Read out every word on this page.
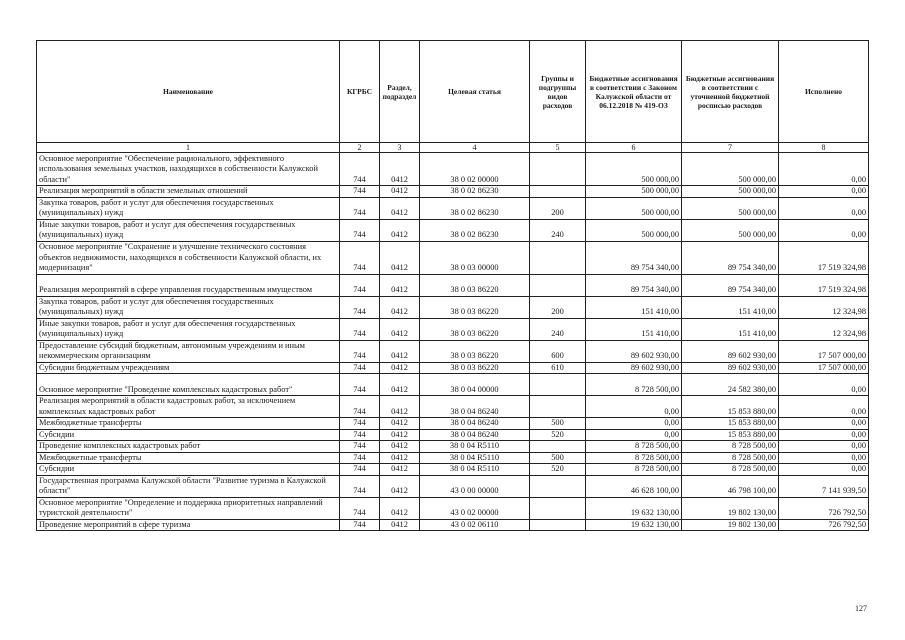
Наименование	КГРБС	Раздел, подраздел	Целевая статья	Группы и подгруппы видов расходов	Бюджетные ассигнования в соответствии с Законом Калужской области от 06.12.2018 № 419-ОЗ	Бюджетные ассигнования в соответствии с уточненной бюджетной росписью расходов	Исполнено
1	2	3	4	5	6	7	8
Основное мероприятие "Обеспечение рационального, эффективного использования земельных участков, находящихся в собственности Калужской области"	744	0412	38 0 02 00000		500 000,00	500 000,00	0,00
Реализация мероприятий в области земельных отношений	744	0412	38 0 02 86230		500 000,00	500 000,00	0,00
Закупка товаров, работ и услуг для обеспечения государственных (муниципальных) нужд	744	0412	38 0 02 86230	200	500 000,00	500 000,00	0,00
Иные закупки товаров, работ и услуг для обеспечения государственных (муниципальных) нужд	744	0412	38 0 02 86230	240	500 000,00	500 000,00	0,00
Основное мероприятие "Сохранение и улучшение технического состояния объектов недвижимости, находящихся в собственности Калужской области, их модернизация"	744	0412	38 0 03 00000		89 754 340,00	89 754 340,00	17 519 324,98
Реализация мероприятий в сфере управления государственным имуществом	744	0412	38 0 03 86220		89 754 340,00	89 754 340,00	17 519 324,98
Закупка товаров, работ и услуг для обеспечения государственных (муниципальных) нужд	744	0412	38 0 03 86220	200	151 410,00	151 410,00	12 324,98
Иные закупки товаров, работ и услуг для обеспечения государственных (муниципальных) нужд	744	0412	38 0 03 86220	240	151 410,00	151 410,00	12 324,98
Предоставление субсидий бюджетным, автономным учреждениям и иным некоммерческим организациям	744	0412	38 0 03 86220	600	89 602 930,00	89 602 930,00	17 507 000,00
Субсидии бюджетным учреждениям	744	0412	38 0 03 86220	610	89 602 930,00	89 602 930,00	17 507 000,00
Основное мероприятие "Проведение комплексных кадастровых работ"	744	0412	38 0 04 00000		8 728 500,00	24 582 380,00	0,00
Реализация мероприятий в области кадастровых работ, за исключением комплексных кадастровых работ	744	0412	38 0 04 86240		0,00	15 853 880,00	0,00
Межбюджетные трансферты	744	0412	38 0 04 86240	500	0,00	15 853 880,00	0,00
Субсидии	744	0412	38 0 04 86240	520	0,00	15 853 880,00	0,00
Проведение комплексных кадастровых работ	744	0412	38 0 04 R5110		8 728 500,00	8 728 500,00	0,00
Межбюджетные трансферты	744	0412	38 0 04 R5110	500	8 728 500,00	8 728 500,00	0,00
Субсидии	744	0412	38 0 04 R5110	520	8 728 500,00	8 728 500,00	0,00
Государственная программа Калужской области "Развитие туризма в Калужской области"	744	0412	43 0 00 00000		46 628 100,00	46 798 100,00	7 141 939,50
Основное мероприятие "Определение и поддержка приоритетных направлений туристской деятельности"	744	0412	43 0 02 00000		19 632 130,00	19 802 130,00	726 792,50
Проведение мероприятий в сфере туризма	744	0412	43 0 02 06110		19 632 130,00	19 802 130,00	726 792,50
127
